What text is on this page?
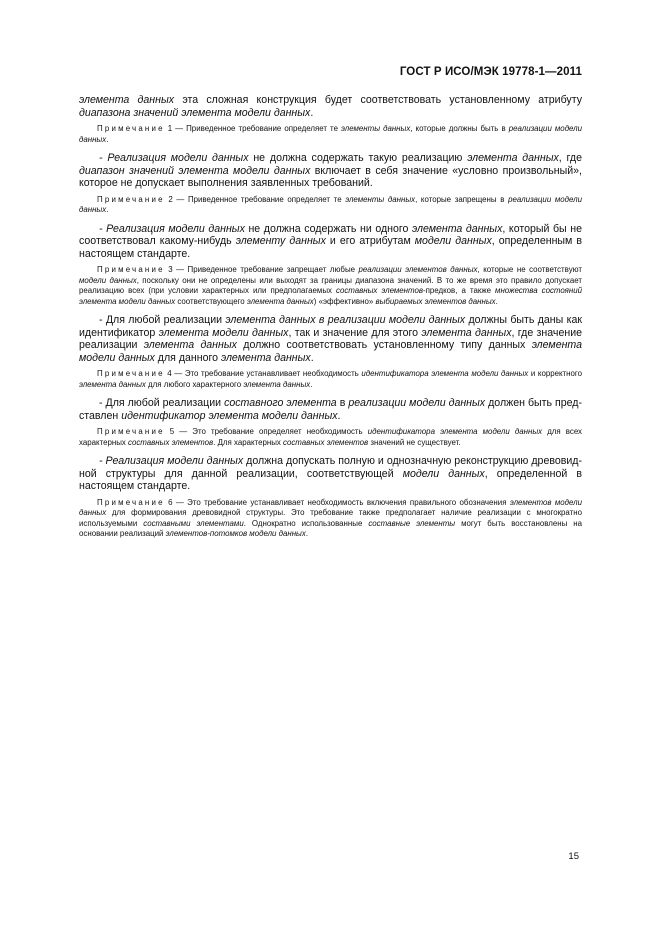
ГОСТ Р ИСО/МЭК 19778-1—2011

элемента данных эта сложная конструкция будет соответствовать установленному атрибуту диапазона значений элемента модели данных.

Примечание 1 — Приведенное требование определяет те элементы данных, которые должны быть в реализации модели данных.

- Реализация модели данных не должна содержать такую реализацию элемента данных, где диапазон значений элемента модели данных включает в себя значение «условно произвольный», которое не допускает выполнения заявленных требований.

Примечание 2 — Приведенное требование определяет те элементы данных, которые запрещены в реализации модели данных.

- Реализация модели данных не должна содержать ни одного элемента данных, который бы не соответствовал какому-нибудь элементу данных и его атрибутам модели данных, определенным в настоящем стандарте.

Примечание 3 — Приведенное требование запрещает любые реализации элементов данных, которые не соответствуют модели данных, поскольку они не определены или выходят за границы диапазона значений. В то же время это правило допускает реализацию всех (при условии характерных или предполагаемых составных элементов-предков, а также множества состояний элемента модели данных соответствующего элемента данных) «эффективно» выбираемых элементов данных.

- Для любой реализации элемента данных в реализации модели данных должны быть даны как идентификатор элемента модели данных, так и значение для этого элемента данных, где значение реализации элемента данных должно соответствовать установленному типу данных элемента модели данных для данного элемента данных.

Примечание 4 — Это требование устанавливает необходимость идентификатора элемента модели данных и корректного элемента данных для любого характерного элемента данных.

- Для любой реализации составного элемента в реализации модели данных должен быть представлен идентификатор элемента модели данных.

Примечание 5 — Это требование определяет необходимость идентификатора элемента модели данных для всех характерных составных элементов. Для характерных составных элементов значений не существует.

- Реализация модели данных должна допускать полную и однозначную реконструкцию древовидной структуры для данной реализации, соответствующей модели данных, определенной в настоящем стандарте.

Примечание 6 — Это требование устанавливает необходимость включения правильного обозначения элементов модели данных для формирования древовидной структуры. Это требование также предполагает наличие реализации с многократно используемыми составными элементами. Однократно использованные составные элементы могут быть восстановлены на основании реализаций элементов-потомков модели данных.

15
